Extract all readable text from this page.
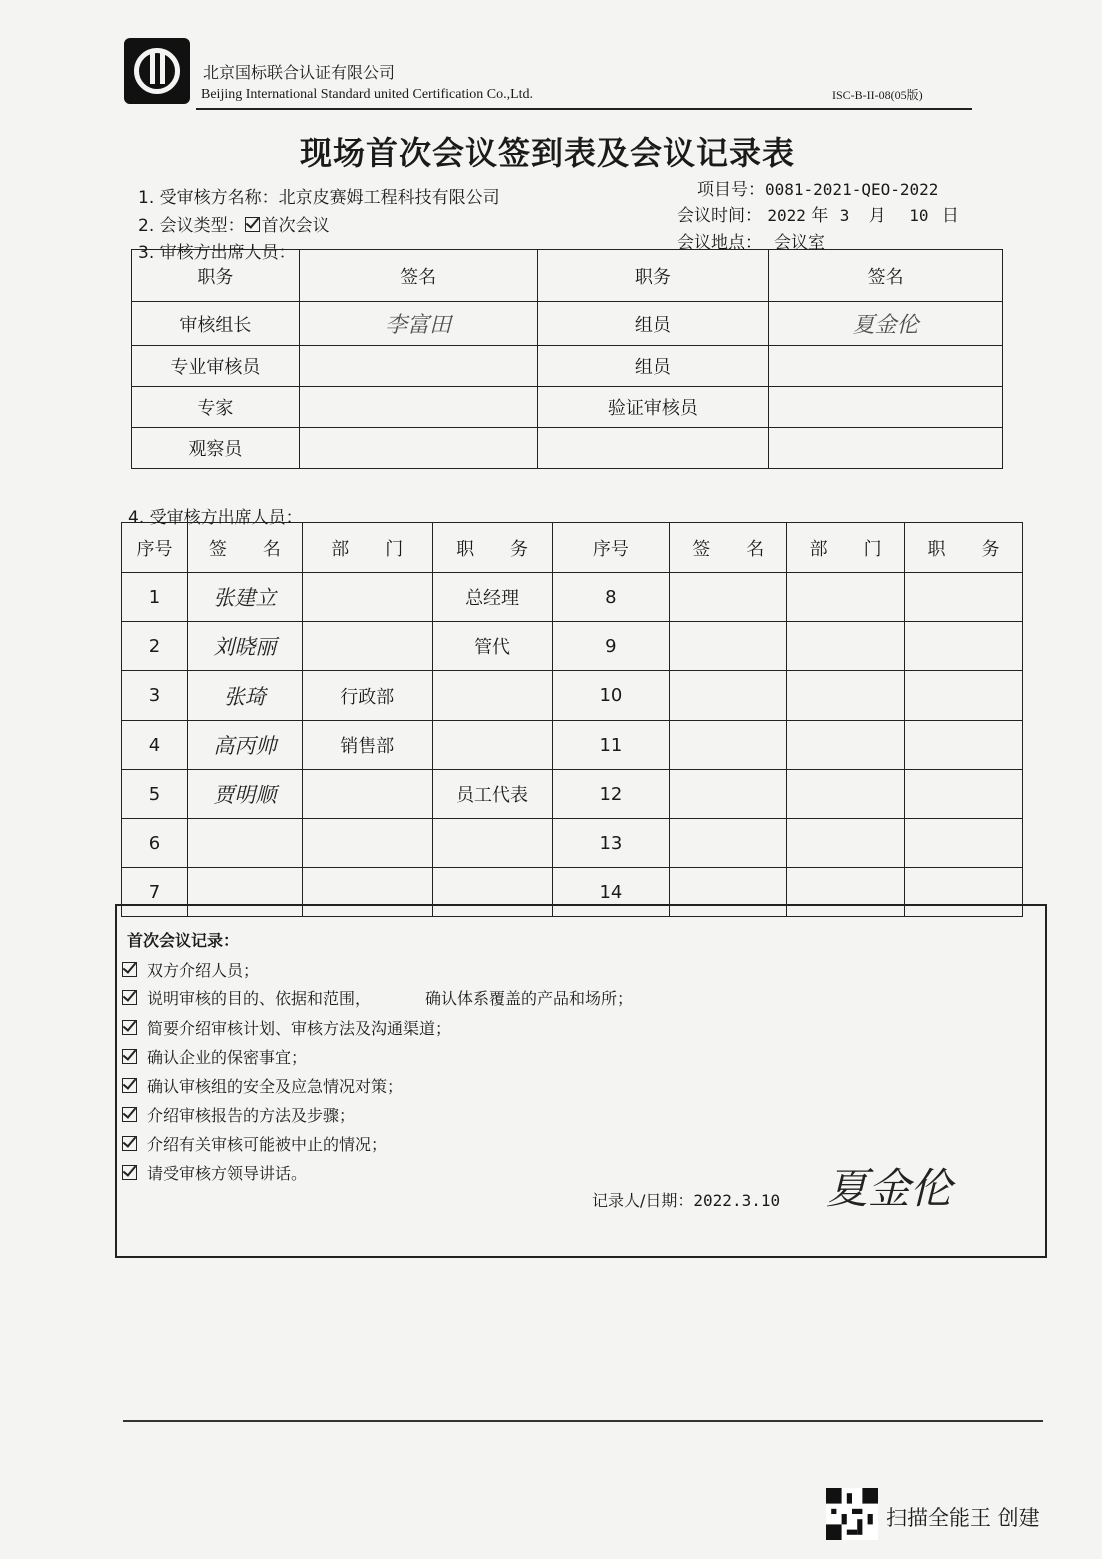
北京国标联合认证有限公司
Beijing International Standard united Certification Co.,Ltd.	ISC-B-II-08(05版)
现场首次会议签到表及会议记录表
1. 受审核方名称：北京皮赛姆工程科技有限公司
2. 会议类型： 首次会议
3. 审核方出席人员：
项目号：0081-2021-QEO-2022
会议时间： 2022 年 3 月 10 日
会议地点： 会议室
职务	签名	职务	签名
审核组长	李富田	组员	夏金伦
专业审核员		组员	
专家		验证审核员	
观察员			
4. 受审核方出席人员：
序号	签　　名	部　　门	职　　务	序号	签　　名	部　　门	职　　务
1	张建立		总经理	8			
2	刘晓丽		管代	9			
3	张琦	行政部		10			
4	高丙帅	销售部		11			
5	贾明顺		员工代表	12			
6				13			
7				14			
首次会议记录：
双方介绍人员；
说明审核的目的、依据和范围，	确认体系覆盖的产品和场所；
简要介绍审核计划、审核方法及沟通渠道；
确认企业的保密事宜；
确认审核组的安全及应急情况对策；
介绍审核报告的方法及步骤；
介绍有关审核可能被中止的情况；
请受审核方领导讲话。
记录人/日期：2022.3.10 夏金伦
扫描全能王 创建
